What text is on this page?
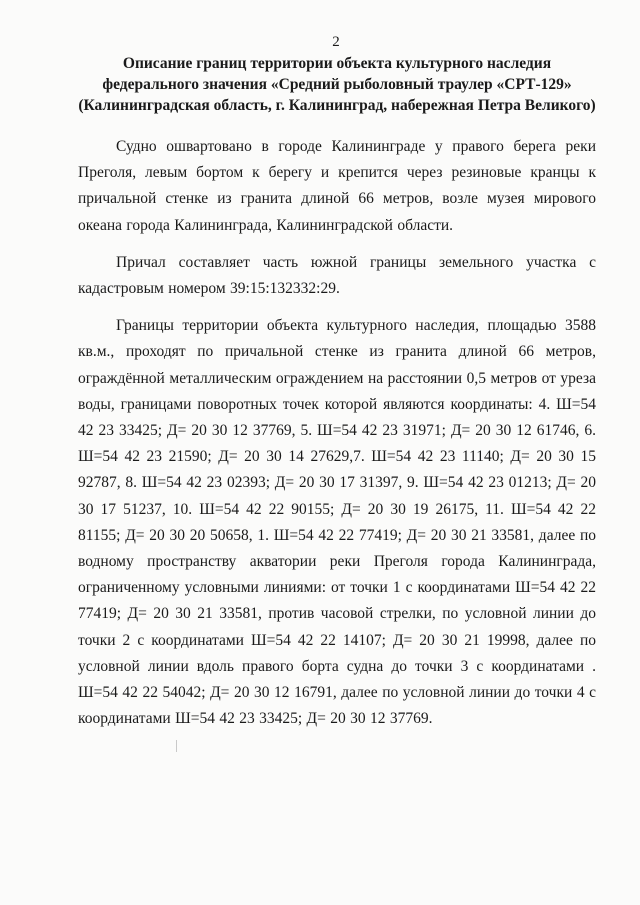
2
Описание границ территории объекта культурного наследия
федерального значения «Средний рыболовный траулер «СРТ-129»
(Калининградская область, г. Калининград, набережная Петра Великого)

Судно ошвартовано в городе Калининграде у правого берега реки Преголя, левым бортом к берегу и крепится через резиновые кранцы к причальной стенке из гранита длиной 66 метров, возле музея мирового океана города Калининграда, Калининградской области.

Причал составляет часть южной границы земельного участка с кадастровым номером 39:15:132332:29.

Границы территории объекта культурного наследия, площадью 3588 кв.м., проходят по причальной стенке из гранита длиной 66 метров, ограждённой металлическим ограждением на расстоянии 0,5 метров от уреза воды, границами поворотных точек которой являются координаты: 4. Ш=54 42 23 33425; Д= 20 30 12 37769, 5. Ш=54 42 23 31971; Д= 20 30 12 61746, 6. Ш=54 42 23 21590; Д= 20 30 14 27629,7. Ш=54 42 23 11140; Д= 20 30 15 92787, 8. Ш=54 42 23 02393; Д= 20 30 17 31397, 9. Ш=54 42 23 01213; Д= 20 30 17 51237, 10. Ш=54 42 22 90155; Д= 20 30 19 26175, 11. Ш=54 42 22 81155; Д= 20 30 20 50658, 1. Ш=54 42 22 77419; Д= 20 30 21 33581, далее по водному пространству акватории реки Преголя города Калининграда, ограниченному условными линиями: от точки 1 с координатами Ш=54 42 22 77419; Д= 20 30 21 33581, против часовой стрелки, по условной линии до точки 2 с координатами Ш=54 42 22 14107; Д= 20 30 21 19998, далее по условной линии вдоль правого борта судна до точки 3 с координатами . Ш=54 42 22 54042; Д= 20 30 12 16791, далее по условной линии до точки 4 с координатами Ш=54 42 23 33425; Д= 20 30 12 37769.
